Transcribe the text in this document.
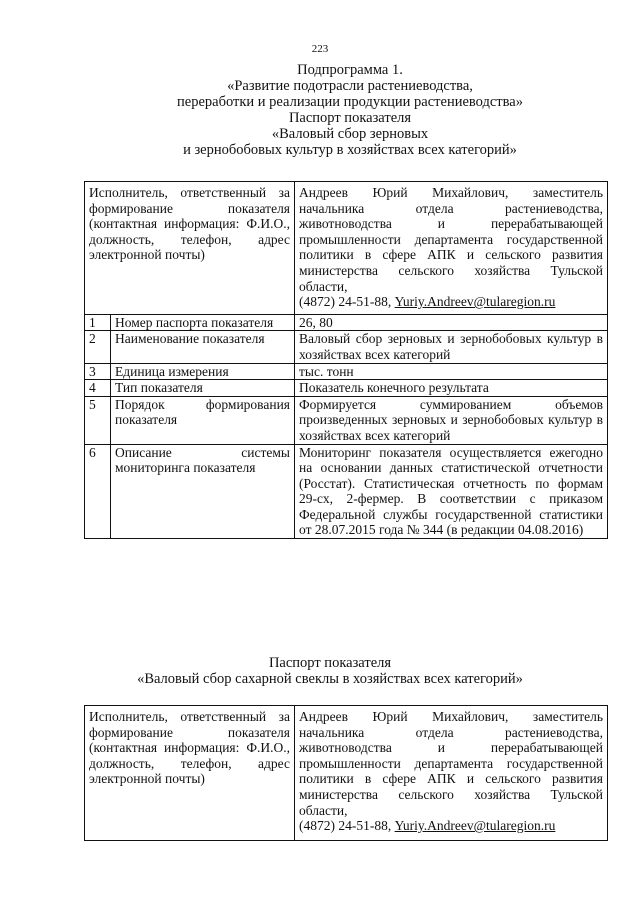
223
Подпрограмма 1.
«Развитие подотрасли растениеводства,
переработки и реализации продукции растениеводства»
Паспорт показателя
«Валовый сбор зерновых
и зернобобовых культур в хозяйствах всех категорий»
Исполнитель, ответственный за формирование показателя (контактная информация: Ф.И.О., должность, телефон, адрес электронной почты)		Андреев Юрий Михайлович, заместитель начальника отдела растениеводства, животноводства и перерабатывающей промышленности департамента государственной политики в сфере АПК и сельского развития министерства сельского хозяйства Тульской области,
(4872) 24-51-88, Yuriy.Andreev@tularegion.ru
1	Номер паспорта показателя	26, 80
2	Наименование показателя	Валовый сбор зерновых и зернобобовых культур в хозяйствах всех категорий
3	Единица измерения	тыс. тонн
4	Тип показателя	Показатель конечного результата
5	Порядок формирования показателя	Формируется суммированием объемов произведенных зерновых и зернобобовых культур в хозяйствах всех категорий
6	Описание системы мониторинга показателя	Мониторинг показателя осуществляется ежегодно на основании данных статистической отчетности (Росстат). Статистическая отчетность по формам 29-сх, 2-фермер. В соответствии с приказом Федеральной службы государственной статистики от 28.07.2015 года № 344 (в редакции 04.08.2016)
Паспорт показателя
«Валовый сбор сахарной свеклы в хозяйствах всех категорий»
Исполнитель, ответственный за формирование показателя (контактная информация: Ф.И.О., должность, телефон, адрес электронной почты)	Андреев Юрий Михайлович, заместитель начальника отдела растениеводства, животноводства и перерабатывающей промышленности департамента государственной политики в сфере АПК и сельского развития министерства сельского хозяйства Тульской области,
(4872) 24-51-88, Yuriy.Andreev@tularegion.ru
